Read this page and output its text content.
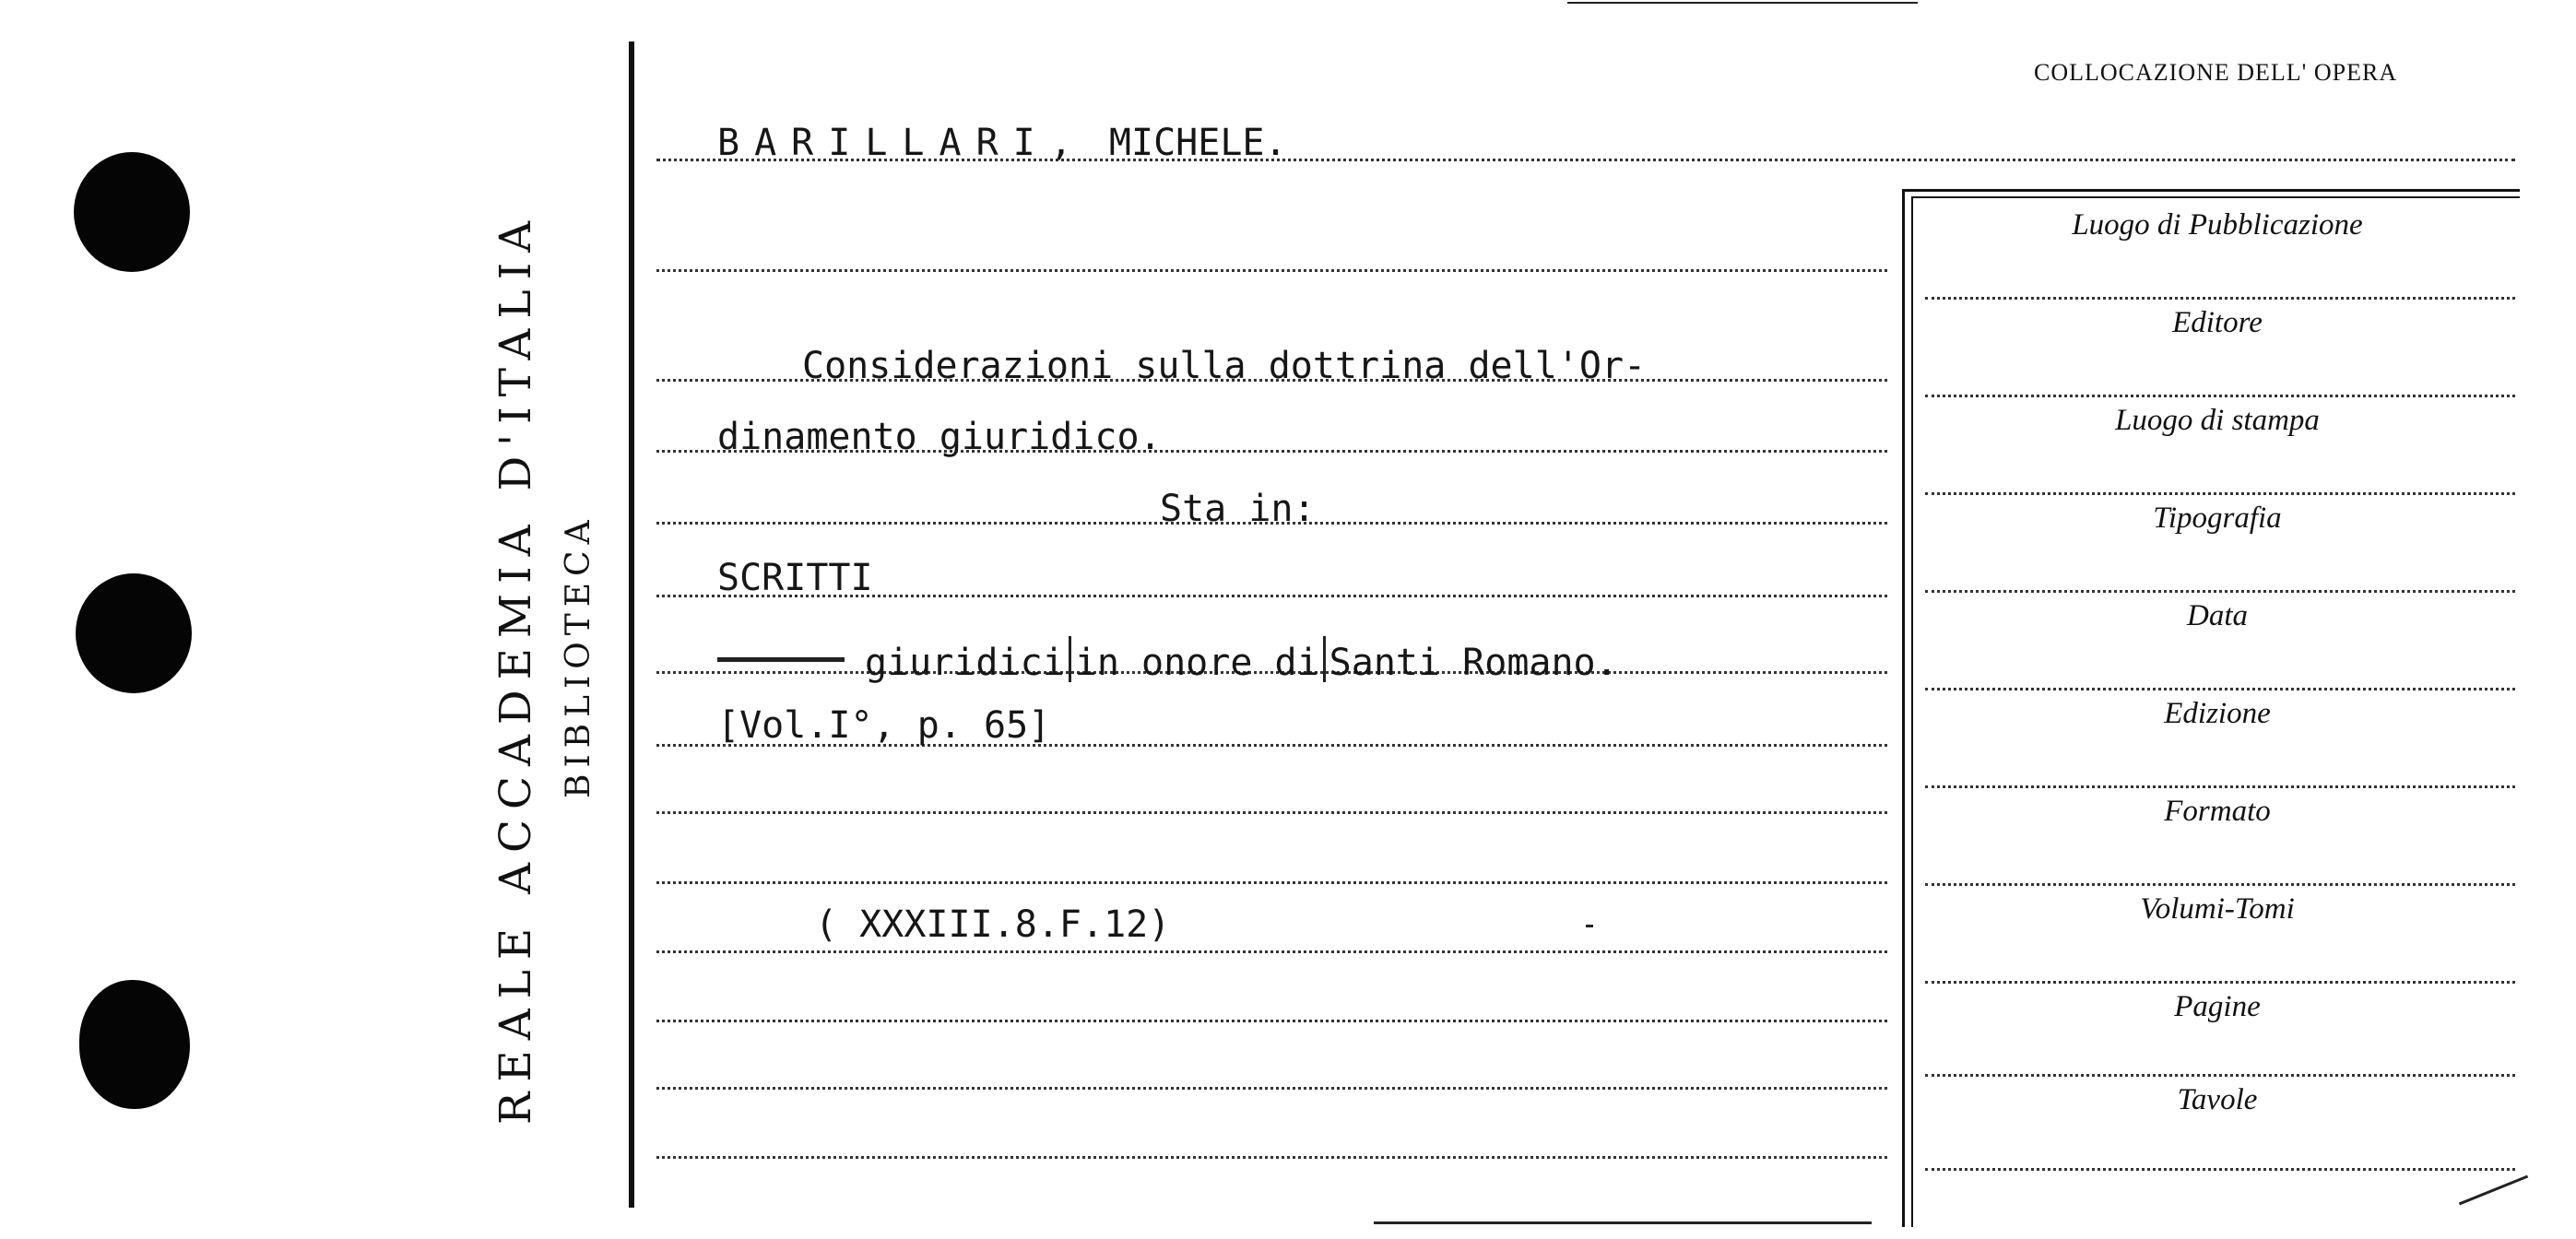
REALE ACCADEMIA D'ITALIA BIBLIOTECA
COLLOCAZIONE DELL' OPERA
BARILLARI, MICHELE.
Considerazioni sulla dottrina dell'Or-
dinamento giuridico.
Sta in:
SCRITTI
giuridici in onore di Santi Romano.
[Vol.I°, p. 65]
( XXXIII.8.F.12)
Luogo di Pubblicazione
Editore
Luogo di stampa
Tipografia
Data
Edizione
Formato
Volumi-Tomi
Pagine
Tavole
